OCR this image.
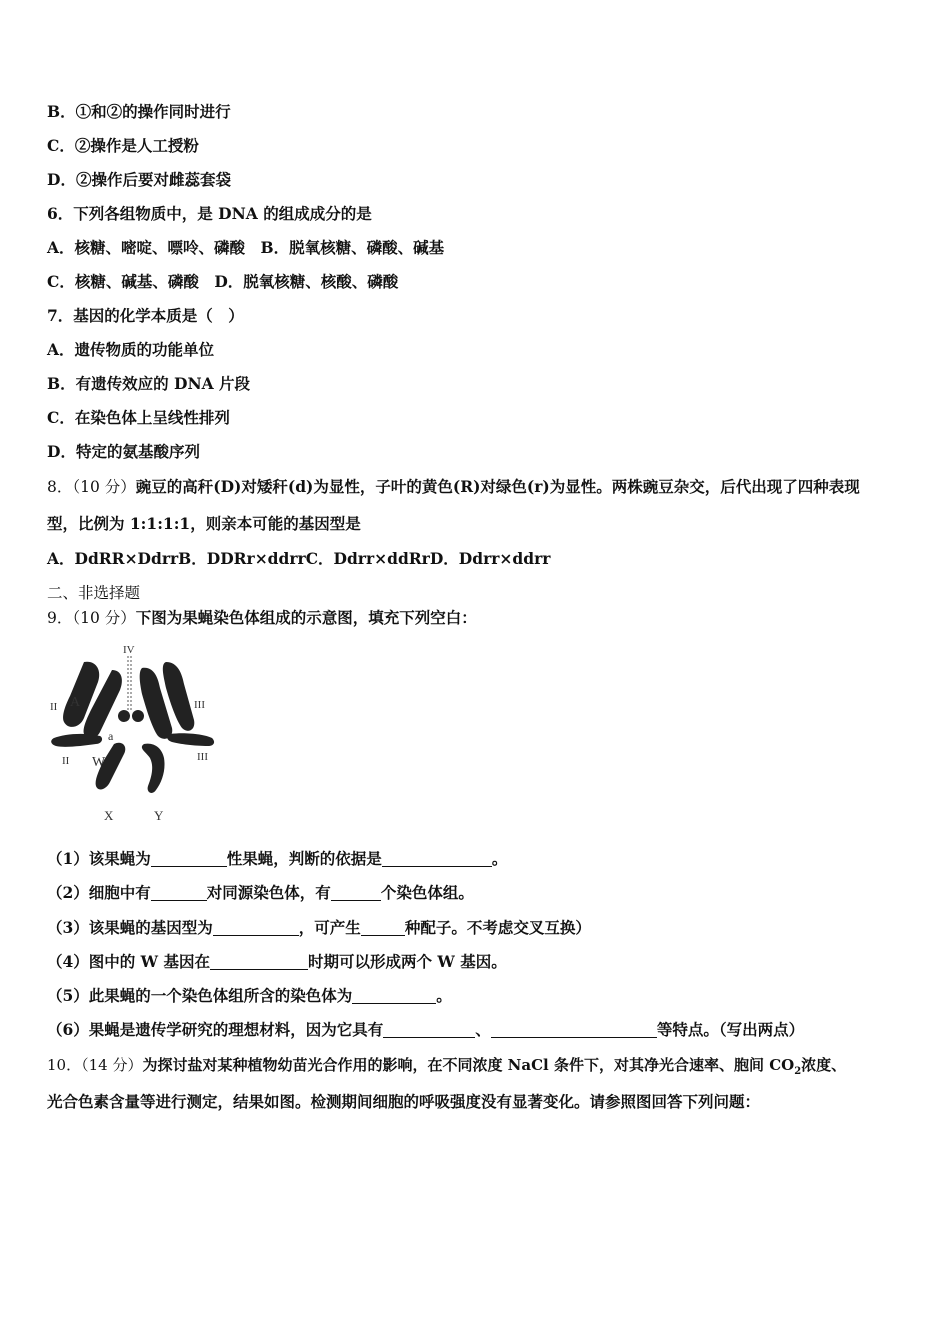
B．①和②的操作同时进行
C．②操作是人工授粉
D．②操作后要对雌蕊套袋
6．下列各组物质中，是 DNA 的组成成分的是
A．核糖、嘧啶、嘌呤、磷酸　B．脱氧核糖、磷酸、碱基
C．核糖、碱基、磷酸　D．脱氧核糖、核酸、磷酸
7．基因的化学本质是（　）
A．遗传物质的功能单位
B．有遗传效应的 DNA 片段
C．在染色体上呈线性排列
D．特定的氨基酸序列
8．（10 分）豌豆的高秆(D)对矮秆(d)为显性，子叶的黄色(R)对绿色(r)为显性。两株豌豆杂交，后代出现了四种表现
型，比例为 1:1:1:1，则亲本可能的基因型是
A．DdRR×DdrrB．DDRr×ddrrC．Ddrr×ddRrD．Ddrr×ddrr
二、非选择题
9．（10 分）下图为果蝇染色体组成的示意图，填充下列空白：
IV
II	III
II	III
A
a
W
X	Y
（1）该果蝇为	性果蝇，判断的依据是	。
（2）细胞中有	对同源染色体，有	个染色体组。
（3）该果蝇的基因型为	，可产生	种配子。不考虑交叉互换）
（4）图中的 W 基因在	时期可以形成两个 W 基因。
（5）此果蝇的一个染色体组所含的染色体为	。
（6）果蝇是遗传学研究的理想材料，因为它具有	、	等特点。（写出两点）
10．（14 分）为探讨盐对某种植物幼苗光合作用的影响，在不同浓度 NaCl 条件下，对其净光合速率、胞间 $CO_2$浓度、
光合色素含量等进行测定，结果如图。检测期间细胞的呼吸强度没有显著变化。请参照图回答下列问题：
